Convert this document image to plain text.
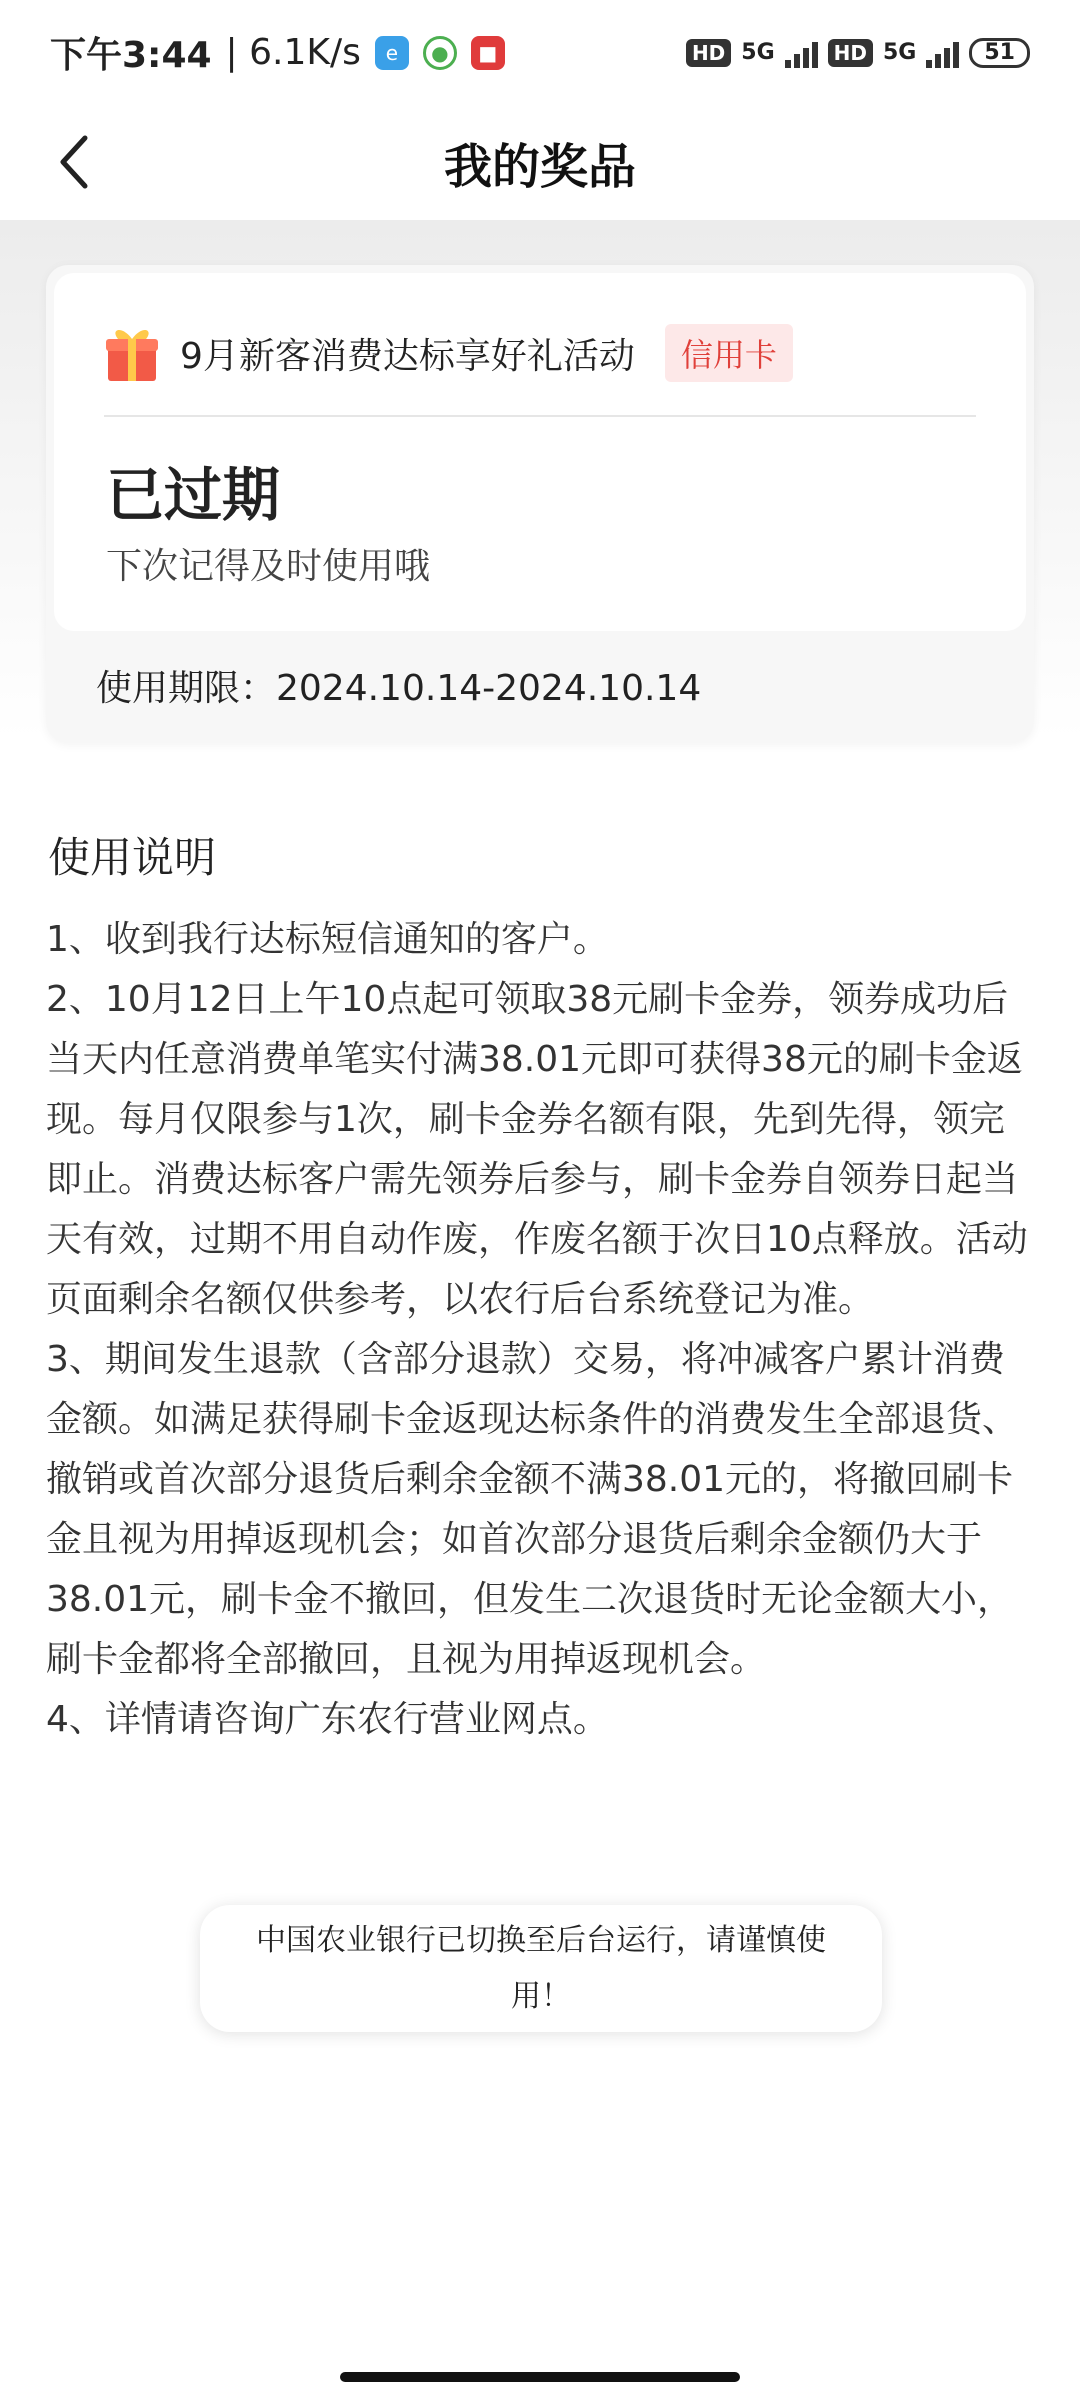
下午3:44 | 6.1K/s	e	●	■	HD 5G	HD 5G	51
我的奖品
9月新客消费达标享好礼活动	信用卡
已过期
下次记得及时使用哦
使用期限：2024.10.14-2024.10.14
使用说明

1、收到我行达标短信通知的客户。

2、10月12日上午10点起可领取38元刷卡金券，领券成功后当天内任意消费单笔实付满38.01元即可获得38元的刷卡金返现。每月仅限参与1次，刷卡金券名额有限，先到先得，领完即止。消费达标客户需先领券后参与，刷卡金券自领券日起当天有效，过期不用自动作废，作废名额于次日10点释放。活动页面剩余名额仅供参考，以农行后台系统登记为准。

3、期间发生退款（含部分退款）交易，将冲减客户累计消费金额。如满足获得刷卡金返现达标条件的消费发生全部退货、撤销或首次部分退货后剩余金额不满38.01元的，将撤回刷卡金且视为用掉返现机会；如首次部分退货后剩余金额仍大于38.01元，刷卡金不撤回，但发生二次退货时无论金额大小，刷卡金都将全部撤回，且视为用掉返现机会。

4、详情请咨询广东农行营业网点。

中国农业银行已切换至后台运行，请谨慎使用！
